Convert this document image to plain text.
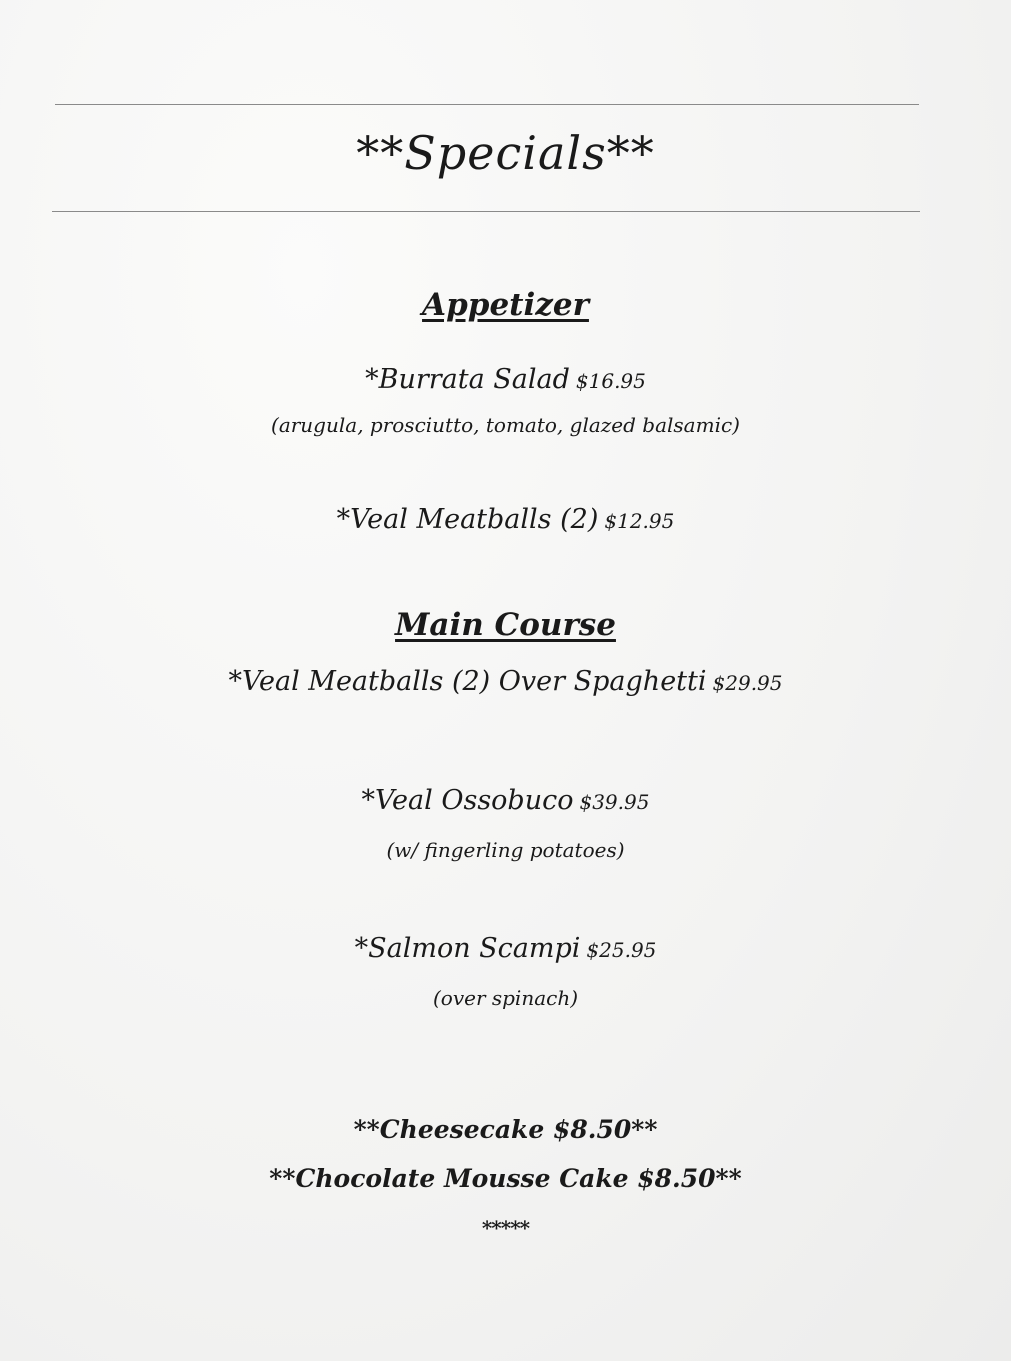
**Specials**
Appetizer
*Burrata Salad $16.95
(arugula, prosciutto, tomato, glazed balsamic)
*Veal Meatballs (2) $12.95
Main Course
*Veal Meatballs (2) Over Spaghetti $29.95
*Veal Ossobuco $39.95
(w/ fingerling potatoes)
*Salmon Scampi $25.95
(over spinach)
**Cheesecake $8.50**
**Chocolate Mousse Cake $8.50**
*****
